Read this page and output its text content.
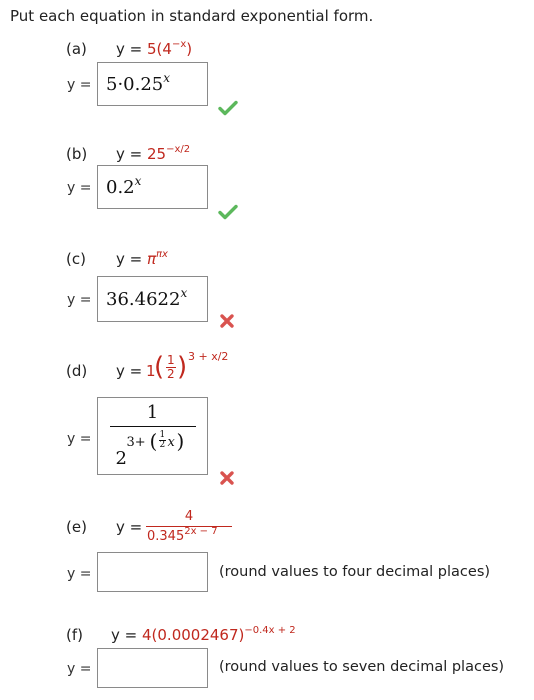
Put each equation in standard exponential form.
(a) $y = 5(4^{-x})$
$y = 5\cdot 0.25^x$
(b) $y = 25^{-x/2}$
$y = 0.2^x$
(c) $y = \pi^{\pi x}$
$y = 36.4622^x$
(d) y = 1
( $\frac{1}{2}$ ) 3 + x/2
y =
1
2
3+ ( $\frac{1}{2}$ x )
(e) y =
4
$0.345^{2x - 7}$
y =	(round values to four decimal places)
(f) $y = 4(0.0002467)^{-0.4x + 2}$
y =	(round values to seven decimal places)
